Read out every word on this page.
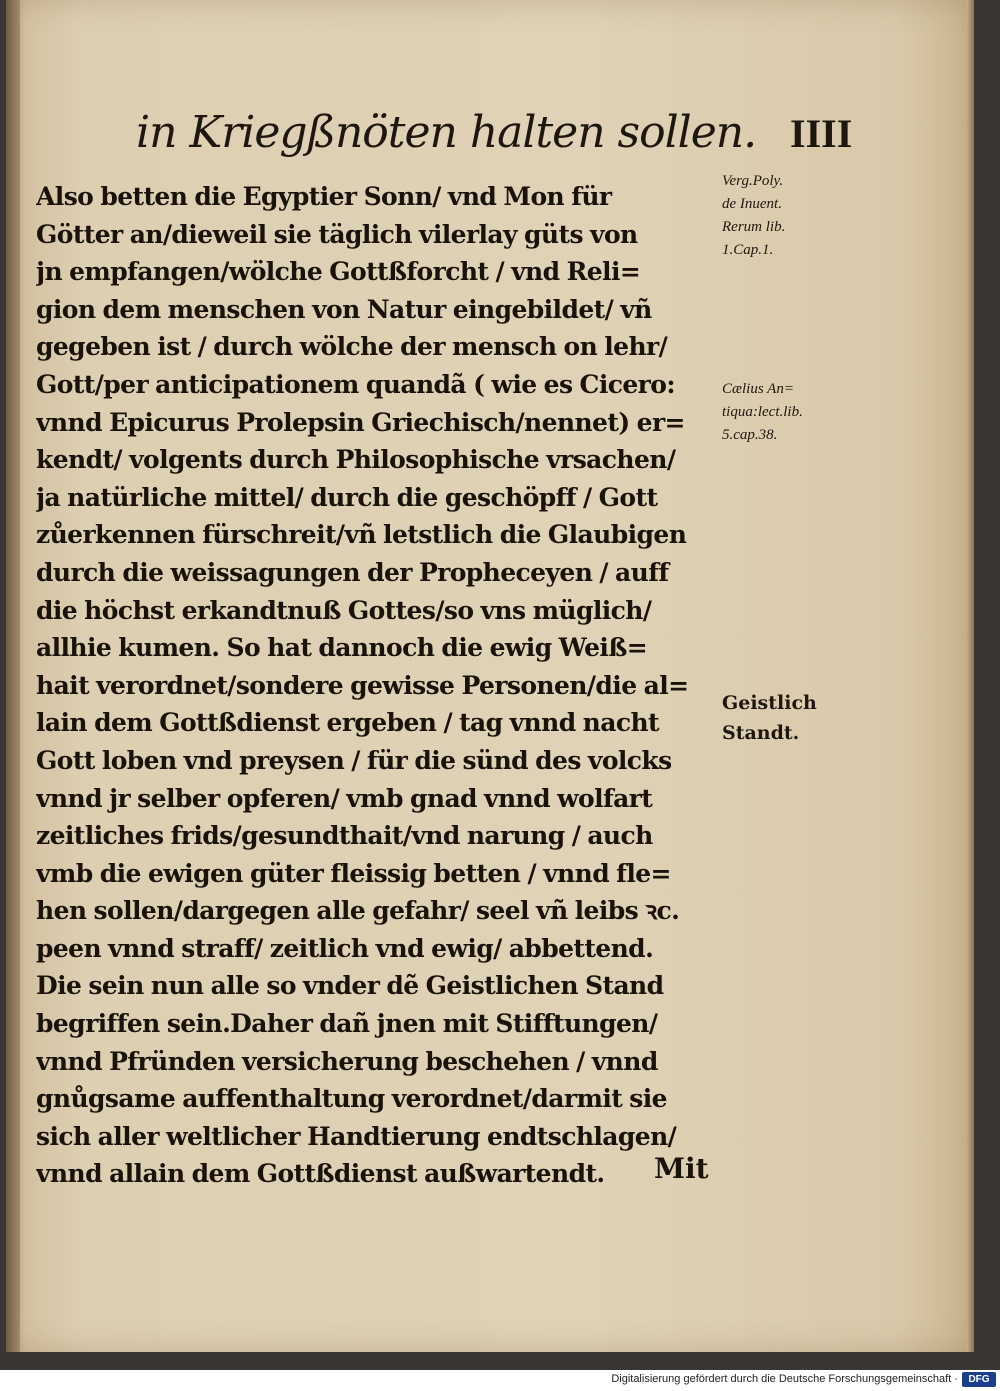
in Kriegßnöten halten sollen. IIII
Also betten die Egyptier Sonn/ vnd Mon für
Götter an/dieweil sie täglich vilerlay güts von
jn empfangen/wölche Gottßforcht / vnd Reli=
gion dem menschen von Natur eingebildet/ vñ
gegeben ist / durch wölche der mensch on lehr/
Gott/per anticipationem quandã ( wie es Cicero:
vnnd Epicurus Prolepsin Griechisch/nennet) er=
kendt/ volgents durch Philosophische vrsachen/
ja natürliche mittel/ durch die geschöpff / Gott
zůerkennen fürschreit/vñ letstlich die Glaubigen
durch die weissagungen der Propheceyen / auff
die höchst erkandtnuß Gottes/so vns müglich/
allhie kumen. So hat dannoch die ewig Weiß=
hait verordnet/sondere gewisse Personen/die al=
lain dem Gottßdienst ergeben / tag vnnd nacht
Gott loben vnd preysen / für die sünd des volcks
vnnd jr selber opferen/ vmb gnad vnnd wolfart
zeitliches frids/gesundthait/vnd narung / auch
vmb die ewigen güter fleissig betten / vnnd fle=
hen sollen/dargegen alle gefahr/ seel vñ leibs ꝛc.
peen vnnd straff/ zeitlich vnd ewig/ abbettend.
Die sein nun alle so vnder dẽ Geistlichen Stand
begriffen sein.Daher dañ jnen mit Stifftungen/
vnnd Pfründen versicherung beschehen / vnnd
gnůgsame auffenthaltung verordnet/darmit sie
sich aller weltlicher Handtierung endtschlagen/
vnnd allain dem Gottßdienst außwartendt.
Verg.Poly.
de Inuent.
Rerum lib.
1.Cap.1.
Cælius An=
tiqua:lect.lib.
5.cap.38.
Geistlich
Standt.
Mit
Digitalisierung gefördert durch die Deutsche Forschungsgemeinschaft ·	DFG
